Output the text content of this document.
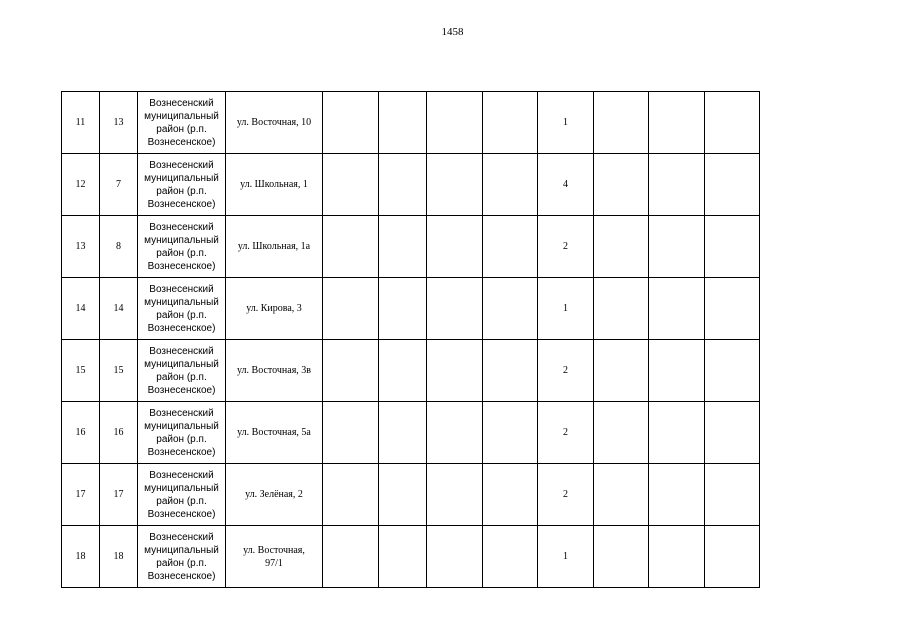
1458
11	13	Вознесенский
муниципальный
район (р.п.
Вознесенское)	ул. Восточная, 10					1			
12	7	Вознесенский
муниципальный
район (р.п.
Вознесенское)	ул. Школьная, 1					4			
13	8	Вознесенский
муниципальный
район (р.п.
Вознесенское)	ул. Школьная, 1а					2			
14	14	Вознесенский
муниципальный
район (р.п.
Вознесенское)	ул. Кирова, 3					1			
15	15	Вознесенский
муниципальный
район (р.п.
Вознесенское)	ул. Восточная, 3в					2			
16	16	Вознесенский
муниципальный
район (р.п.
Вознесенское)	ул. Восточная, 5а					2			
17	17	Вознесенский
муниципальный
район (р.п.
Вознесенское)	ул. Зелёная, 2					2			
18	18	Вознесенский
муниципальный
район (р.п.
Вознесенское)	ул. Восточная,
97/1					1			
